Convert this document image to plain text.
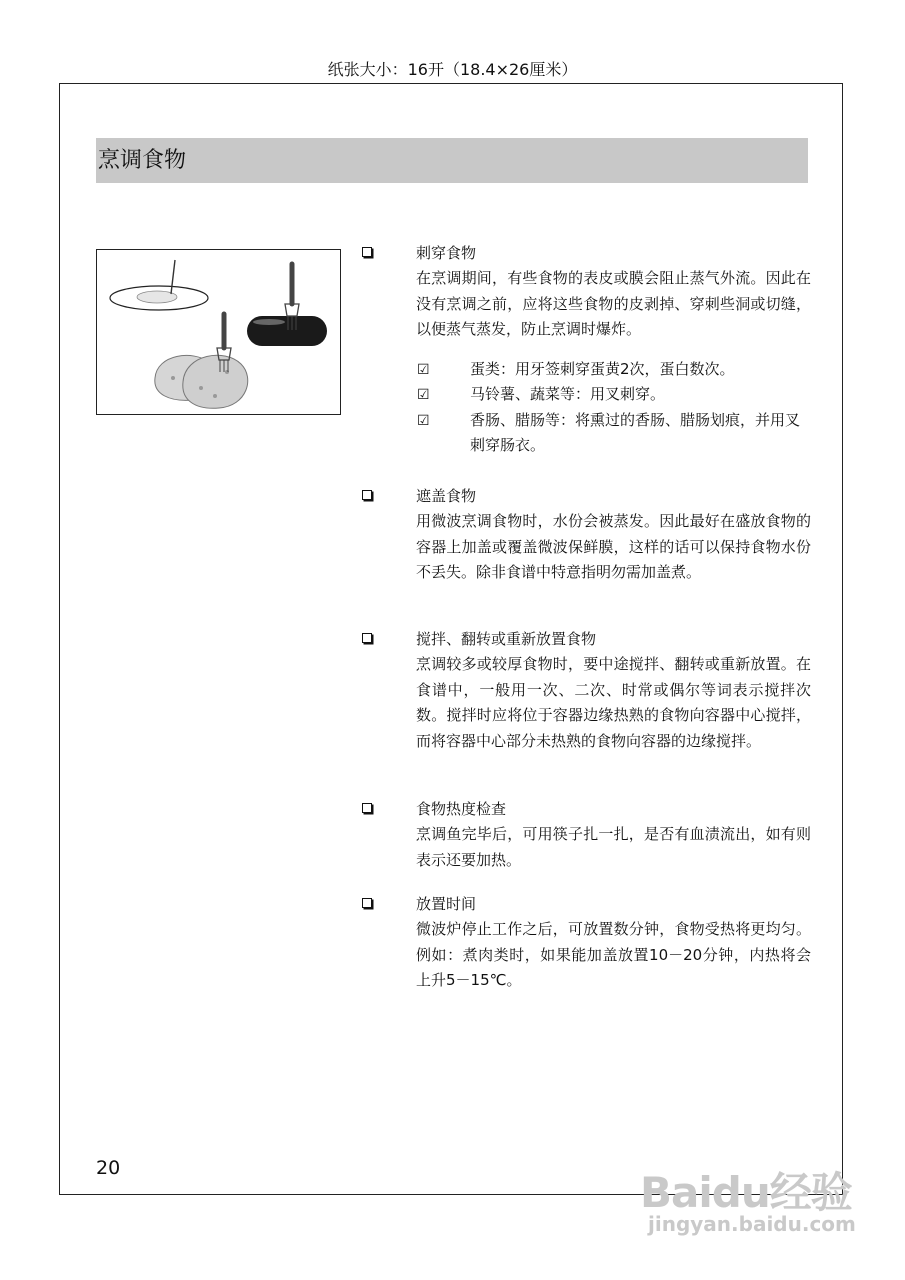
纸张大小：16开（18.4×26厘米）
烹调食物
刺穿食物
在烹调期间，有些食物的表皮或膜会阻止蒸气外流。因此在没有烹调之前，应将这些食物的皮剥掉、穿刺些洞或切缝，以便蒸气蒸发，防止烹调时爆炸。
☑	蛋类：用牙签刺穿蛋黄2次，蛋白数次。
☑	马铃薯、蔬菜等：用叉刺穿。
☑	香肠、腊肠等：将熏过的香肠、腊肠划痕，并用叉刺穿肠衣。
遮盖食物
用微波烹调食物时，水份会被蒸发。因此最好在盛放食物的容器上加盖或覆盖微波保鲜膜，这样的话可以保持食物水份不丢失。除非食谱中特意指明勿需加盖煮。
搅拌、翻转或重新放置食物
烹调较多或较厚食物时，要中途搅拌、翻转或重新放置。在食谱中，一般用一次、二次、时常或偶尔等词表示搅拌次数。搅拌时应将位于容器边缘热熟的食物向容器中心搅拌，而将容器中心部分未热熟的食物向容器的边缘搅拌。
食物热度检查
烹调鱼完毕后，可用筷子扎一扎，是否有血渍流出，如有则表示还要加热。
放置时间
微波炉停止工作之后，可放置数分钟，食物受热将更均匀。 例如：煮肉类时，如果能加盖放置10－20分钟，内热将会上升5－15℃。
20	Baidu经验
jingyan.baidu.com
